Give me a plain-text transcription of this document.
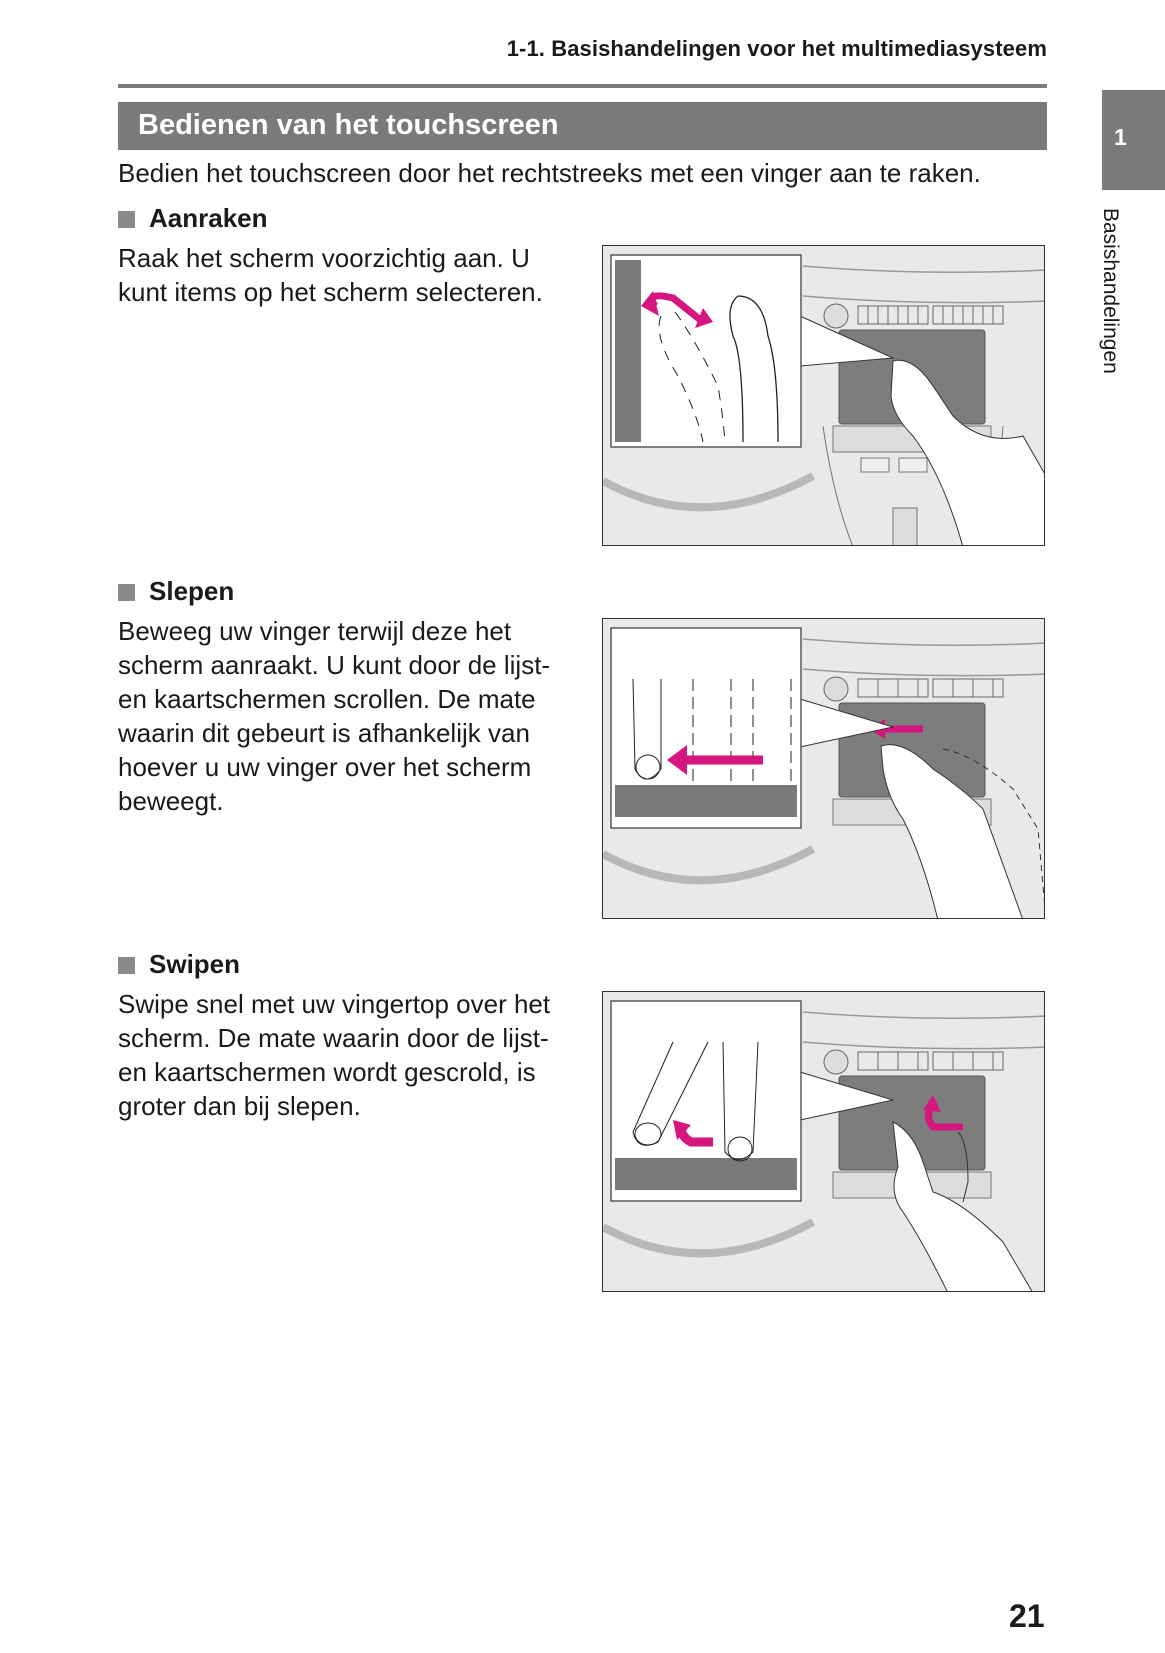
1-1. Basishandelingen voor het multimediasysteem
Bedienen van het touchscreen
Bedien het touchscreen door het rechtstreeks met een vinger aan te raken.
1
Basishandelingen
Aanraken
Raak het scherm voorzichtig aan. U
kunt items op het scherm selecteren.
Slepen
Beweeg uw vinger terwijl deze het
scherm aanraakt. U kunt door de lijst-
en kaartschermen scrollen. De mate
waarin dit gebeurt is afhankelijk van
hoever u uw vinger over het scherm
beweegt.
Swipen
Swipe snel met uw vingertop over het
scherm. De mate waarin door de lijst-
en kaartschermen wordt gescrold, is
groter dan bij slepen.
21
